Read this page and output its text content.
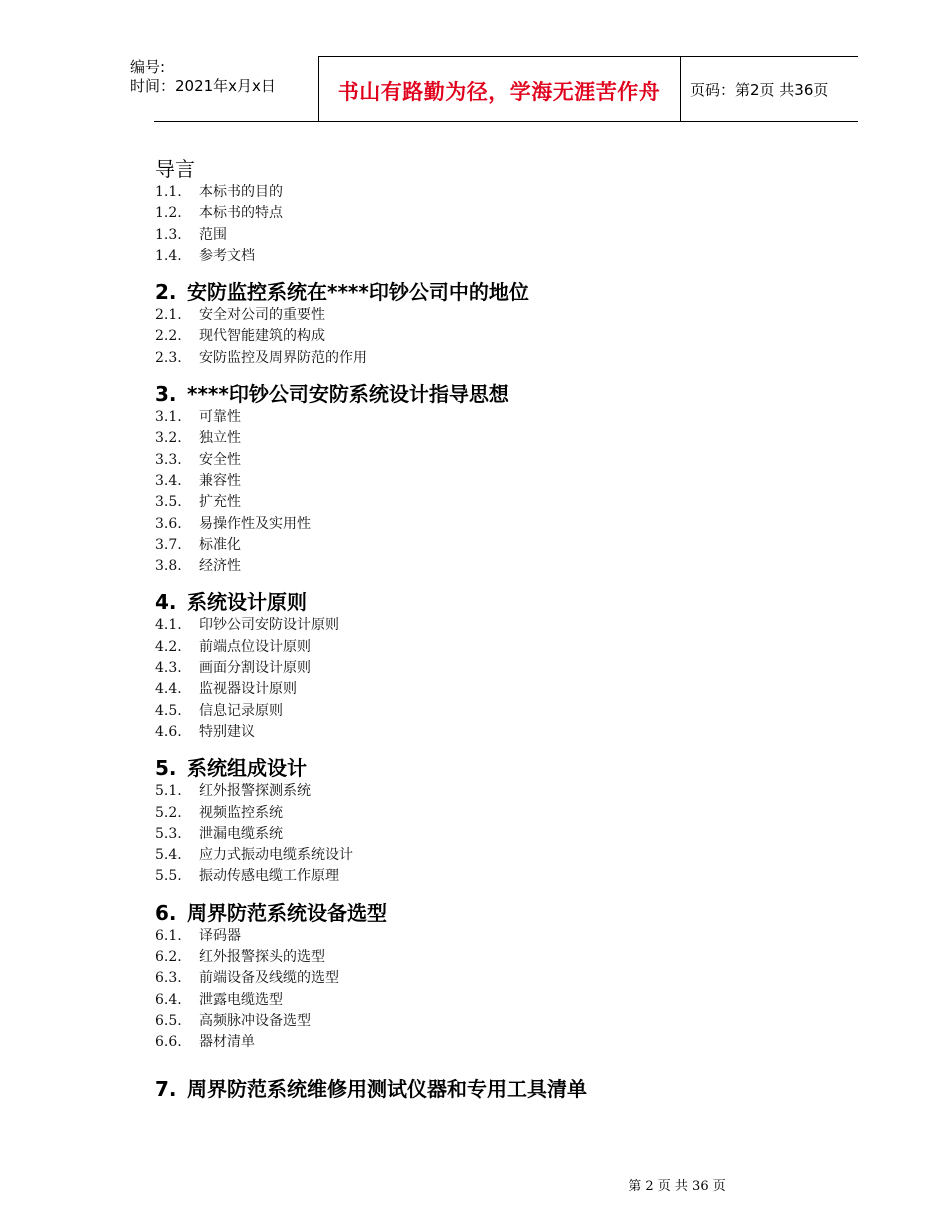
编号:
时间：2021年x月x日	书山有路勤为径，学海无涯苦作舟	页码：第2页 共36页
导言
1.1. 本标书的目的
1.2. 本标书的特点
1.3. 范围
1.4. 参考文档
2. 安防监控系统在****印钞公司中的地位
2.1. 安全对公司的重要性
2.2. 现代智能建筑的构成
2.3. 安防监控及周界防范的作用
3. ****印钞公司安防系统设计指导思想
3.1. 可靠性
3.2. 独立性
3.3. 安全性
3.4. 兼容性
3.5. 扩充性
3.6. 易操作性及实用性
3.7. 标准化
3.8. 经济性
4. 系统设计原则
4.1. 印钞公司安防设计原则
4.2. 前端点位设计原则
4.3. 画面分割设计原则
4.4. 监视器设计原则
4.5. 信息记录原则
4.6. 特别建议
5. 系统组成设计
5.1. 红外报警探测系统
5.2. 视频监控系统
5.3. 泄漏电缆系统
5.4. 应力式振动电缆系统设计
5.5. 振动传感电缆工作原理
6. 周界防范系统设备选型
6.1. 译码器
6.2. 红外报警探头的选型
6.3. 前端设备及线缆的选型
6.4. 泄露电缆选型
6.5. 高频脉冲设备选型
6.6. 器材清单
7. 周界防范系统维修用测试仪器和专用工具清单
第 2 页 共 36 页
